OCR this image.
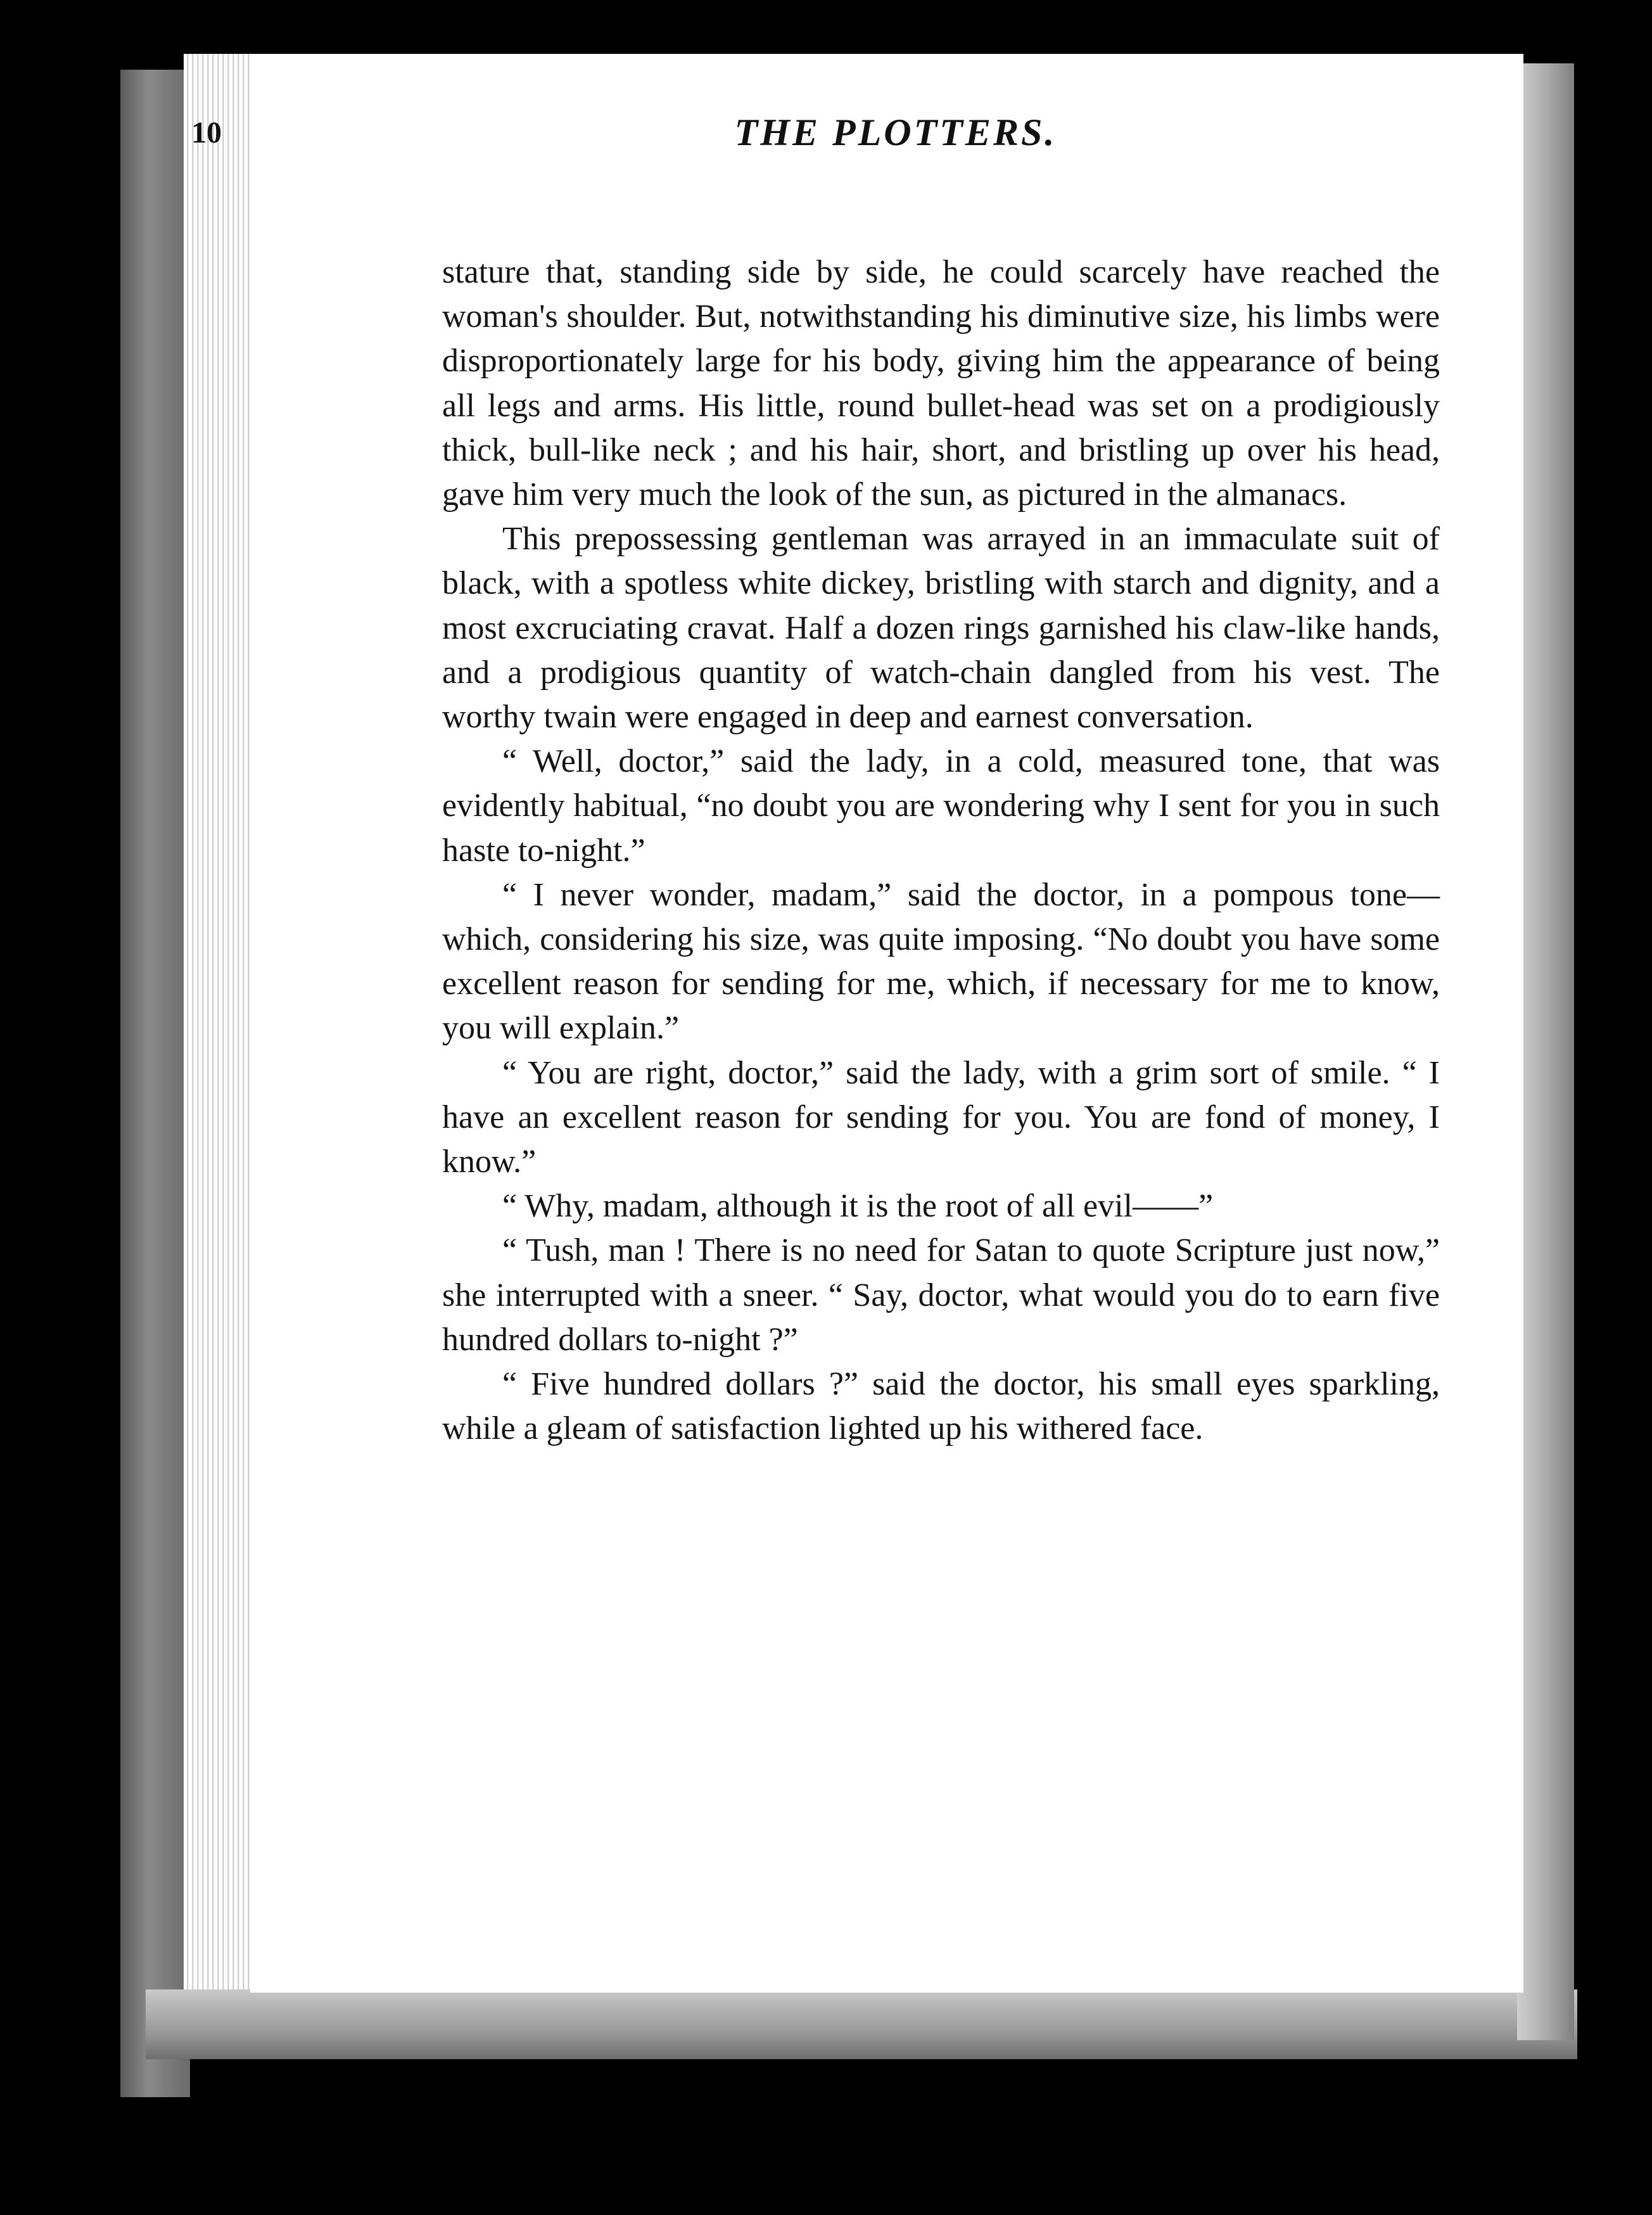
10	THE PLOTTERS.

stature that, standing side by side, he could scarcely have reached the woman's shoulder. But, notwithstanding his diminutive size, his limbs were disproportionately large for his body, giving him the appearance of being all legs and arms. His little, round bullet-head was set on a prodigiously thick, bull-like neck ; and his hair, short, and bristling up over his head, gave him very much the look of the sun, as pictured in the almanacs.

This prepossessing gentleman was arrayed in an immaculate suit of black, with a spotless white dickey, bristling with starch and dignity, and a most excruciating cravat. Half a dozen rings garnished his claw-like hands, and a prodigious quantity of watch-chain dangled from his vest. The worthy twain were engaged in deep and earnest conversation.

“ Well, doctor,” said the lady, in a cold, measured tone, that was evidently habitual, “no doubt you are wondering why I sent for you in such haste to-night.”

“ I never wonder, madam,” said the doctor, in a pompous tone—which, considering his size, was quite imposing. “No doubt you have some excellent reason for sending for me, which, if necessary for me to know, you will explain.”

“ You are right, doctor,” said the lady, with a grim sort of smile. “ I have an excellent reason for sending for you. You are fond of money, I know.”

“ Why, madam, although it is the root of all evil——”

“ Tush, man ! There is no need for Satan to quote Scripture just now,” she interrupted with a sneer. “ Say, doctor, what would you do to earn five hundred dollars to-night ?”

“ Five hundred dollars ?” said the doctor, his small eyes sparkling, while a gleam of satisfaction lighted up his withered face.
